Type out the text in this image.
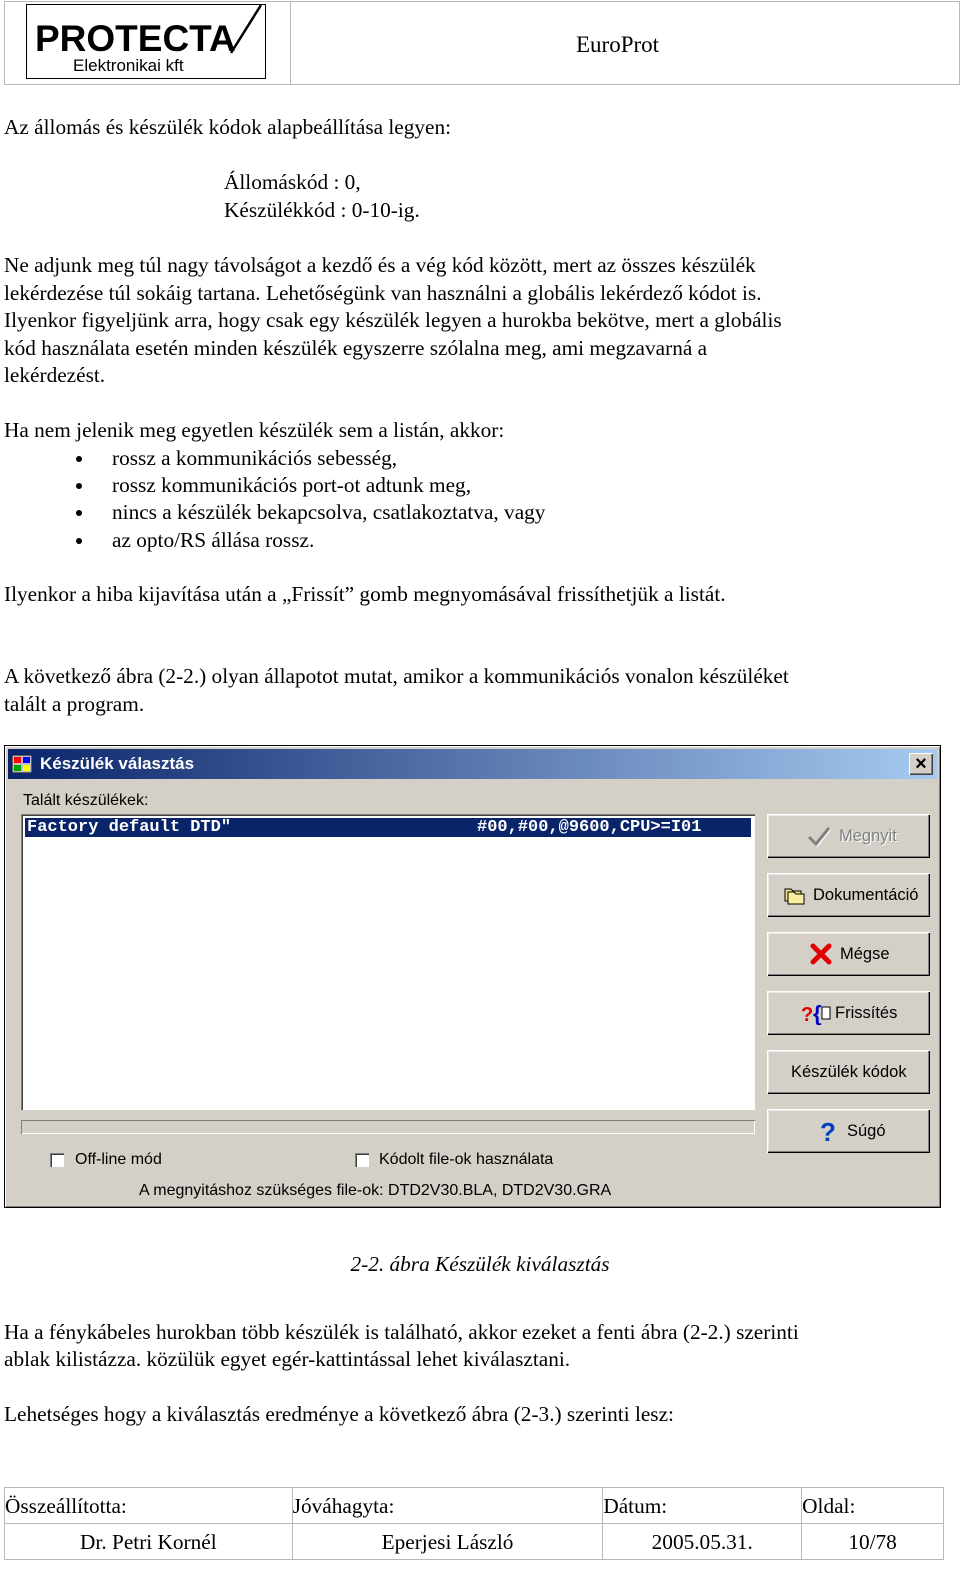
PROTECTA
Elektronikai kft
EuroProt
Az állomás és készülék kódok alapbeállítása legyen:
Állomáskód : 0,
Készülékkód : 0-10-ig.
Ne adjunk meg túl nagy távolságot a kezdő és a vég kód között, mert az összes készülék
lekérdezése túl sokáig tartana. Lehetőségünk van használni a globális lekérdező kódot is.
Ilyenkor figyeljünk arra, hogy csak egy készülék legyen a hurokba bekötve, mert a globális
kód használata esetén minden készülék egyszerre szólalna meg, ami megzavarná a
lekérdezést.
Ha nem jelenik meg egyetlen készülék sem a listán, akkor:
rossz a kommunikációs sebesség,
rossz kommunikációs port-ot adtunk meg,
nincs a készülék bekapcsolva, csatlakoztatva, vagy
az opto/RS állása rossz.
Ilyenkor a hiba kijavítása után a „Frissít” gomb megnyomásával frissíthetjük a listát.
A következő ábra (2-2.) olyan állapotot mutat, amikor a kommunikációs vonalon készüléket
talált a program.
Készülék választás	×
Talált készülékek:
Factory default DTD"	#00,#00,@9600,CPU>=I01	Megnyit
Dokumentáció
Mégse
? { Frissítés
Készülék kódok
? Súgó
Off-line mód	Kódolt file-ok használata
A megnyitáshoz szükséges file-ok: DTD2V30.BLA, DTD2V30.GRA
2-2. ábra Készülék kiválasztás
Ha a fénykábeles hurokban több készülék is található, akkor ezeket a fenti ábra (2-2.) szerinti
ablak kilistázza. közülük egyet egér-kattintással lehet kiválasztani.
Lehetséges hogy a kiválasztás eredménye a következő ábra (2-3.) szerinti lesz:
Összeállította:	Jóváhagyta:	Dátum:	Oldal:
Dr. Petri Kornél	Eperjesi László	2005.05.31.	10/78
